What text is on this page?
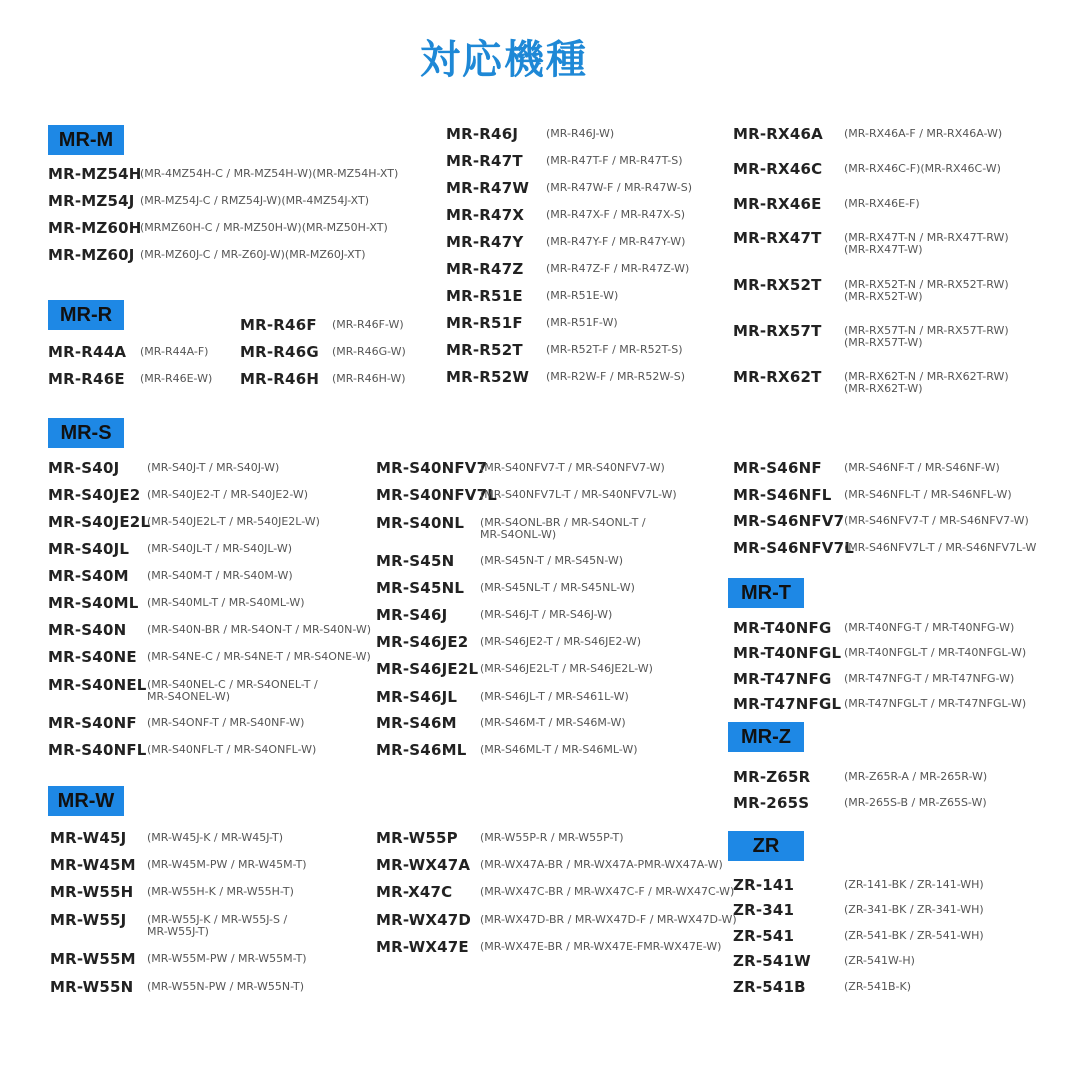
対応機種
MR-M
MR-MZ54H
(MR-4MZ54H-C / MR-MZ54H-W)(MR-MZ54H-XT)
MR-MZ54J (MR-MZ54J-C / RMZ54J-W)(MR-4MZ54J-XT)
MR-MZ60H
(MRMZ60H-C / MR-MZ50H-W)(MR-MZ50H-XT)
MR-MZ60J (MR-MZ60J-C / MR-Z60J-W)(MR-MZ60J-XT)
MR-R
MR-R44A (MR-R44A-F)
MR-R46E (MR-R46E-W)
MR-R46F (MR-R46F-W)
MR-R46G (MR-R46G-W)
MR-R46H (MR-R46H-W)
MR-R46J	(MR-R46J-W)
MR-R47T (MR-R47T-F / MR-R47T-S)
MR-R47W (MR-R47W-F / MR-R47W-S)
MR-R47X (MR-R47X-F / MR-R47X-S)
MR-R47Y (MR-R47Y-F / MR-R47Y-W)
MR-R47Z (MR-R47Z-F / MR-R47Z-W)
MR-R51E (MR-R51E-W)
MR-R51F (MR-R51F-W)
MR-R52T (MR-R52T-F / MR-R52T-S)
MR-R52W (MR-R2W-F / MR-R52W-S)
MR-RX46A (MR-RX46A-F / MR-RX46A-W)
MR-RX46C (MR-RX46C-F)(MR-RX46C-W)
MR-RX46E (MR-RX46E-F)
MR-RX47T (MR-RX47T-N / MR-RX47T-RW)
(MR-RX47T-W)
MR-RX52T (MR-RX52T-N / MR-RX52T-RW)
(MR-RX52T-W)
MR-RX57T (MR-RX57T-N / MR-RX57T-RW)
(MR-RX57T-W)
MR-RX62T (MR-RX62T-N / MR-RX62T-RW)
(MR-RX62T-W)
MR-S
MR-S40J	(MR-S40J-T / MR-S40J-W)
MR-S40JE2 (MR-S40JE2-T / MR-S40JE2-W)
MR-S40JE2L
(MR-540JE2L-T / MR-540JE2L-W)
MR-S40JL (MR-S40JL-T / MR-S40JL-W)
MR-S40M (MR-S40M-T / MR-S40M-W)
MR-S40ML (MR-S40ML-T / MR-S40ML-W)
MR-S40N (MR-S40N-BR / MR-S4ON-T / MR-S40N-W)
MR-S40NE (MR-S4NE-C / MR-S4NE-T / MR-S4ONE-W)
MR-S40NEL (MR-S40NEL-C / MR-S4ONEL-T /
MR-S4ONEL-W)
MR-S40NF (MR-S4ONF-T / MR-S40NF-W)
MR-S40NFL (MR-S40NFL-T / MR-S4ONFL-W)
MR-S40NFV7
(MR-S40NFV7-T / MR-S40NFV7-W)
MR-S40NFV7L
(MR-S40NFV7L-T / MR-S40NFV7L-W)
MR-S40NL (MR-S4ONL-BR / MR-S4ONL-T /
MR-S4ONL-W)
MR-S45N (MR-S45N-T / MR-S45N-W)
MR-S45NL (MR-S45NL-T / MR-S45NL-W)
MR-S46J	(MR-S46J-T / MR-S46J-W)
MR-S46JE2 (MR-S46JE2-T / MR-S46JE2-W)
MR-S46JE2L (MR-S46JE2L-T / MR-S46JE2L-W)
MR-S46JL (MR-S46JL-T / MR-S461L-W)
MR-S46M (MR-S46M-T / MR-S46M-W)
MR-S46ML (MR-S46ML-T / MR-S46ML-W)
MR-S46NF (MR-S46NF-T / MR-S46NF-W)
MR-S46NFL (MR-S46NFL-T / MR-S46NFL-W)
MR-S46NFV7 (MR-S46NFV7-T / MR-S46NFV7-W)
MR-S46NFV7L
(MR-S46NFV7L-T / MR-S46NFV7L-W
MR-T
MR-T40NFG (MR-T40NFG-T / MR-T40NFG-W)
MR-T40NFGL (MR-T40NFGL-T / MR-T40NFGL-W)
MR-T47NFG (MR-T47NFG-T / MR-T47NFG-W)
MR-T47NFGL (MR-T47NFGL-T / MR-T47NFGL-W)
MR-Z
MR-Z65R	(MR-Z65R-A / MR-265R-W)
MR-265S	(MR-265S-B / MR-Z65S-W)
MR-W
MR-W45J (MR-W45J-K / MR-W45J-T)
MR-W45M (MR-W45M-PW / MR-W45M-T)
MR-W55H (MR-W55H-K / MR-W55H-T)
MR-W55J (MR-W55J-K / MR-W55J-S /
MR-W55J-T)
MR-W55M (MR-W55M-PW / MR-W55M-T)
MR-W55N (MR-W55N-PW / MR-W55N-T)
MR-W55P (MR-W55P-R / MR-W55P-T)
MR-WX47A (MR-WX47A-BR / MR-WX47A-PMR-WX47A-W)
MR-X47C	(MR-WX47C-BR / MR-WX47C-F / MR-WX47C-W)
MR-WX47D (MR-WX47D-BR / MR-WX47D-F / MR-WX47D-W)
MR-WX47E (MR-WX47E-BR / MR-WX47E-FMR-WX47E-W)
ZR
ZR-141	(ZR-141-BK / ZR-141-WH)
ZR-341	(ZR-341-BK / ZR-341-WH)
ZR-541	(ZR-541-BK / ZR-541-WH)
ZR-541W	(ZR-541W-H)
ZR-541B	(ZR-541B-K)
